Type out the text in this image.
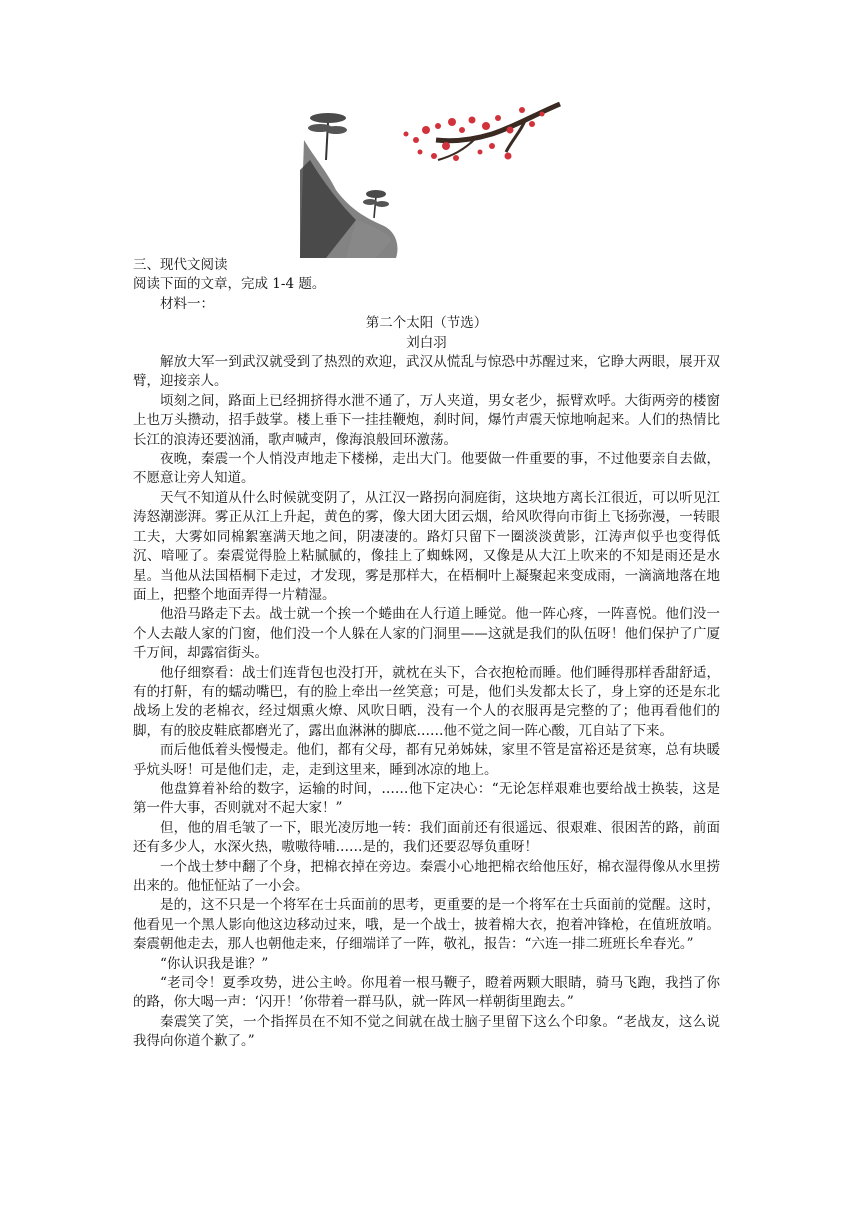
三、现代文阅读

阅读下面的文章，完成 1-4 题。

材料一：

第二个太阳（节选）

刘白羽

解放大军一到武汉就受到了热烈的欢迎，武汉从慌乱与惊恐中苏醒过来，它睁大两眼，展开双臂，迎接亲人。

顷刻之间，路面上已经拥挤得水泄不通了，万人夹道，男女老少，振臂欢呼。大街两旁的楼窗上也万头攒动，招手鼓掌。楼上垂下一挂挂鞭炮，刹时间，爆竹声震天惊地响起来。人们的热情比长江的浪涛还要汹涌，歌声喊声，像海浪般回环激荡。

夜晚，秦震一个人悄没声地走下楼梯，走出大门。他要做一件重要的事，不过他要亲自去做，不愿意让旁人知道。

天气不知道从什么时候就变阴了，从江汉一路拐向洞庭街，这块地方离长江很近，可以听见江涛怒潮澎湃。雾正从江上升起，黄色的雾，像大团大团云烟，给风吹得向市街上飞扬弥漫，一转眼工夫，大雾如同棉絮塞满天地之间，阴凄凄的。路灯只留下一圈淡淡黄影，江涛声似乎也变得低沉、喑哑了。秦震觉得脸上粘腻腻的，像挂上了蜘蛛网，又像是从大江上吹来的不知是雨还是水星。当他从法国梧桐下走过，才发现，雾是那样大，在梧桐叶上凝聚起来变成雨，一滴滴地落在地面上，把整个地面弄得一片精湿。

他沿马路走下去。战士就一个挨一个蜷曲在人行道上睡觉。他一阵心疼，一阵喜悦。他们没一个人去敲人家的门窗，他们没一个人躲在人家的门洞里——这就是我们的队伍呀！他们保护了广厦千万间，却露宿街头。

他仔细察看：战士们连背包也没打开，就枕在头下，合衣抱枪而睡。他们睡得那样香甜舒适，有的打鼾，有的蠕动嘴巴，有的脸上牵出一丝笑意；可是，他们头发都太长了，身上穿的还是东北战场上发的老棉衣，经过烟熏火燎、风吹日晒，没有一个人的衣服再是完整的了；他再看他们的脚，有的胶皮鞋底都磨光了，露出血淋淋的脚底……他不觉之间一阵心酸，兀自站了下来。

而后他低着头慢慢走。他们，都有父母，都有兄弟姊妹，家里不管是富裕还是贫寒，总有块暖乎炕头呀！可是他们走，走，走到这里来，睡到冰凉的地上。

他盘算着补给的数字，运输的时间，……他下定决心：“无论怎样艰难也要给战士换装，这是第一件大事，否则就对不起大家！”

但，他的眉毛皱了一下，眼光凌厉地一转：我们面前还有很遥远、很艰难、很困苦的路，前面还有多少人，水深火热，嗷嗷待哺……是的，我们还要忍辱负重呀！

一个战士梦中翻了个身，把棉衣掉在旁边。秦震小心地把棉衣给他压好，棉衣湿得像从水里捞出来的。他怔怔站了一小会。

是的，这不只是一个将军在士兵面前的思考，更重要的是一个将军在士兵面前的觉醒。这时，他看见一个黑人影向他这边移动过来，哦，是一个战士，披着棉大衣，抱着冲锋枪，在值班放哨。秦震朝他走去，那人也朝他走来，仔细端详了一阵，敬礼，报告：“六连一排二班班长牟春光。”

“你认识我是谁？”

“老司令！夏季攻势，进公主岭。你甩着一根马鞭子，瞪着两颗大眼睛，骑马飞跑，我挡了你的路，你大喝一声：‘闪开！’你带着一群马队，就一阵风一样朝街里跑去。”

秦震笑了笑，一个指挥员在不知不觉之间就在战士脑子里留下这么个印象。“老战友，这么说我得向你道个歉了。”
